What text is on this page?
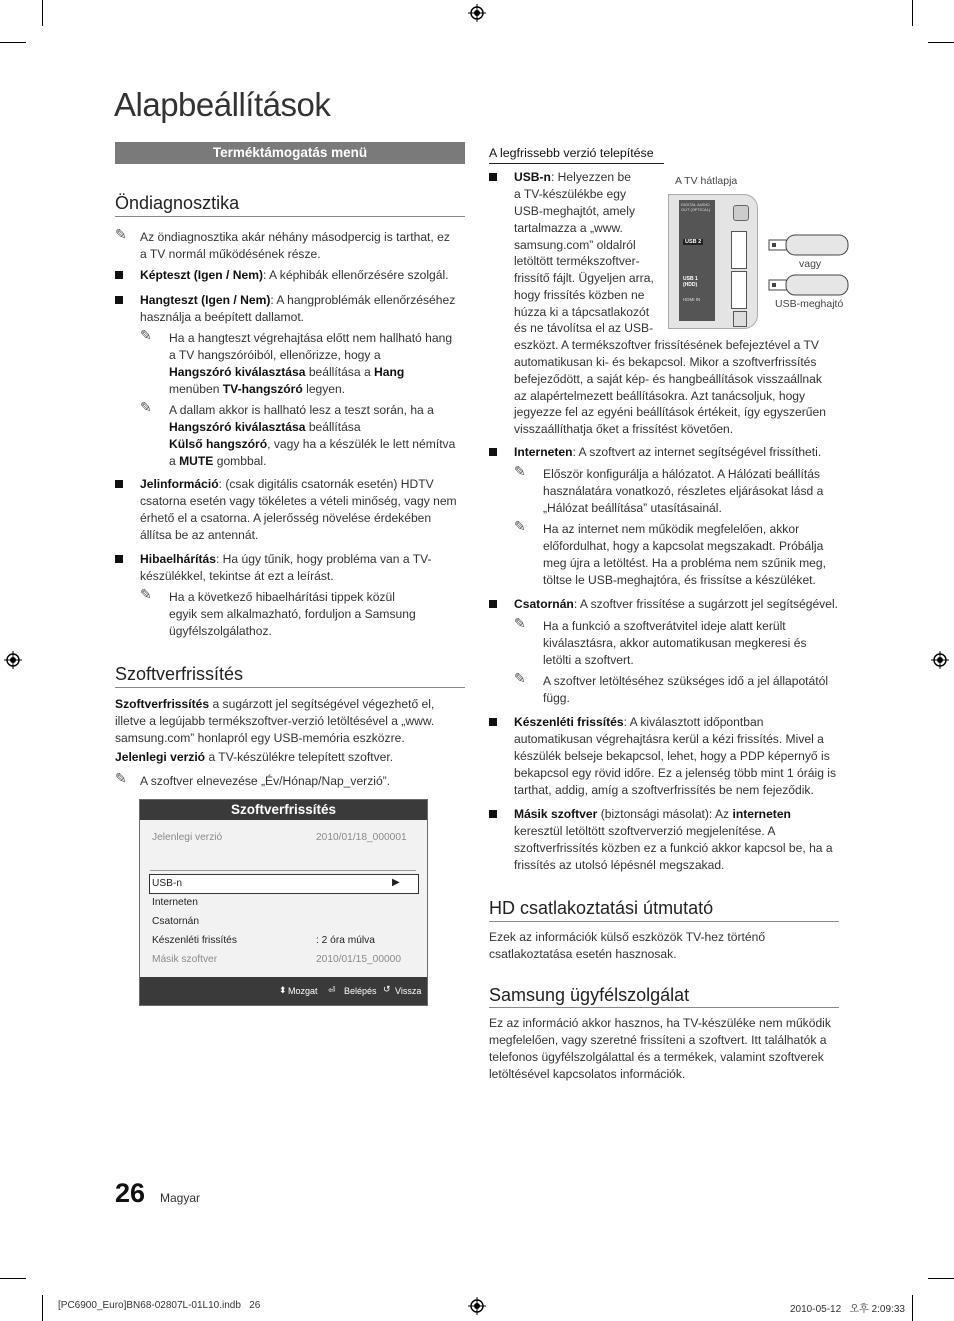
Alapbeállítások
Terméktámogatás menü
Öndiagnosztika
✎ Az öndiagnosztika akár néhány másodpercig is tarthat, ez
a TV normál működésének része.
Képteszt (Igen / Nem): A képhibák ellenőrzésére szolgál.
Hangteszt (Igen / Nem): A hangproblémák ellenőrzéséhez
használja a beépített dallamot.
✎ Ha a hangteszt végrehajtása előtt nem hallható hang
a TV hangszóróiból, ellenőrizze, hogy a
Hangszóró kiválasztása beállítása a Hang
menüben TV-hangszóró legyen.
✎ A dallam akkor is hallható lesz a teszt során, ha a
Hangszóró kiválasztása beállítása
Külső hangszóró, vagy ha a készülék le lett némítva
a MUTE gombbal.
Jelinformáció: (csak digitális csatornák esetén) HDTV
csatorna esetén vagy tökéletes a vételi minőség, vagy nem
érhető el a csatorna. A jelerősség növelése érdekében
állítsa be az antennát.
Hibaelhárítás: Ha úgy tűnik, hogy probléma van a TV-
készülékkel, tekintse át ezt a leírást.
✎ Ha a következő hibaelhárítási tippek közül
egyik sem alkalmazható, forduljon a Samsung
ügyfélszolgálathoz.
Szoftverfrissítés
Szoftverfrissítés a sugárzott jel segítségével végezhető el,
illetve a legújabb termékszoftver-verzió letöltésével a „www.
samsung.com” honlapról egy USB-memória eszközre.
Jelenlegi verzió a TV-készülékre telepített szoftver.
✎ A szoftver elnevezése „Év/Hónap/Nap_verzió”.
Szoftverfrissítés
Jelenlegi verzió	2010/01/18_000001
USB-n	▶
Interneten
Csatornán
Készenléti frissítés	: 2 óra múlva
Másik szoftver	2010/01/15_00000
⬍ Mozgat ⏎ Belépés ↺ Vissza
26 Magyar
A legfrissebb verzió telepítése
USB-n: Helyezzen be
a TV-készülékbe egy
USB-meghajtót, amely
tartalmazza a „www.
samsung.com” oldalról
letöltött termékszoftver-
frissítő fájlt. Ügyeljen arra,
hogy frissítés közben ne
húzza ki a tápcsatlakozót
és ne távolítsa el az USB-
eszközt. A termékszoftver frissítésének befejeztével a TV
automatikusan ki- és bekapcsol. Mikor a szoftverfrissítés
befejeződött, a saját kép- és hangbeállítások visszaállnak
az alapértelmezett beállításokra. Azt tanácsoljuk, hogy
jegyezze fel az egyéni beállítások értékeit, így egyszerűen
visszaállíthatja őket a frissítést követően.
A TV hátlapja
DIGITAL AUDIO OUT (OPTICAL)
USB 2
USB 1 (HDD)
HDMI IN
vagy
USB-meghajtó
Interneten: A szoftvert az internet segítségével frissítheti.
✎ Először konfigurálja a hálózatot. A Hálózati beállítás
használatára vonatkozó, részletes eljárásokat lásd a
„Hálózat beállítása” utasításainál.
✎ Ha az internet nem működik megfelelően, akkor
előfordulhat, hogy a kapcsolat megszakadt. Próbálja
meg újra a letöltést. Ha a probléma nem szűnik meg,
töltse le USB-meghajtóra, és frissítse a készüléket.
Csatornán: A szoftver frissítése a sugárzott jel segítségével.
✎ Ha a funkció a szoftverátvitel ideje alatt került
kiválasztásra, akkor automatikusan megkeresi és
letölti a szoftvert.
✎ A szoftver letöltéséhez szükséges idő a jel állapotától
függ.
Készenléti frissítés: A kiválasztott időpontban
automatikusan végrehajtásra kerül a kézi frissítés. Mivel a
készülék belseje bekapcsol, lehet, hogy a PDP képernyő is
bekapcsol egy rövid időre. Ez a jelenség több mint 1 óráig is
tarthat, addig, amíg a szoftverfrissítés be nem fejeződik.
Másik szoftver (biztonsági másolat): Az interneten
keresztül letöltött szoftververzió megjelenítése. A
szoftverfrissítés közben ez a funkció akkor kapcsol be, ha a
frissítés az utolsó lépésnél megszakad.
HD csatlakoztatási útmutató
Ezek az információk külső eszközök TV-hez történő
csatlakoztatása esetén hasznosak.
Samsung ügyfélszolgálat
Ez az információ akkor hasznos, ha TV-készüléke nem működik
megfelelően, vagy szeretné frissíteni a szoftvert. Itt találhatók a
telefonos ügyfélszolgálattal és a termékek, valamint szoftverek
letöltésével kapcsolatos információk.
[PC6900_Euro]BN68-02807L-01L10.indb   26	2010-05-12   오후 2:09:33
